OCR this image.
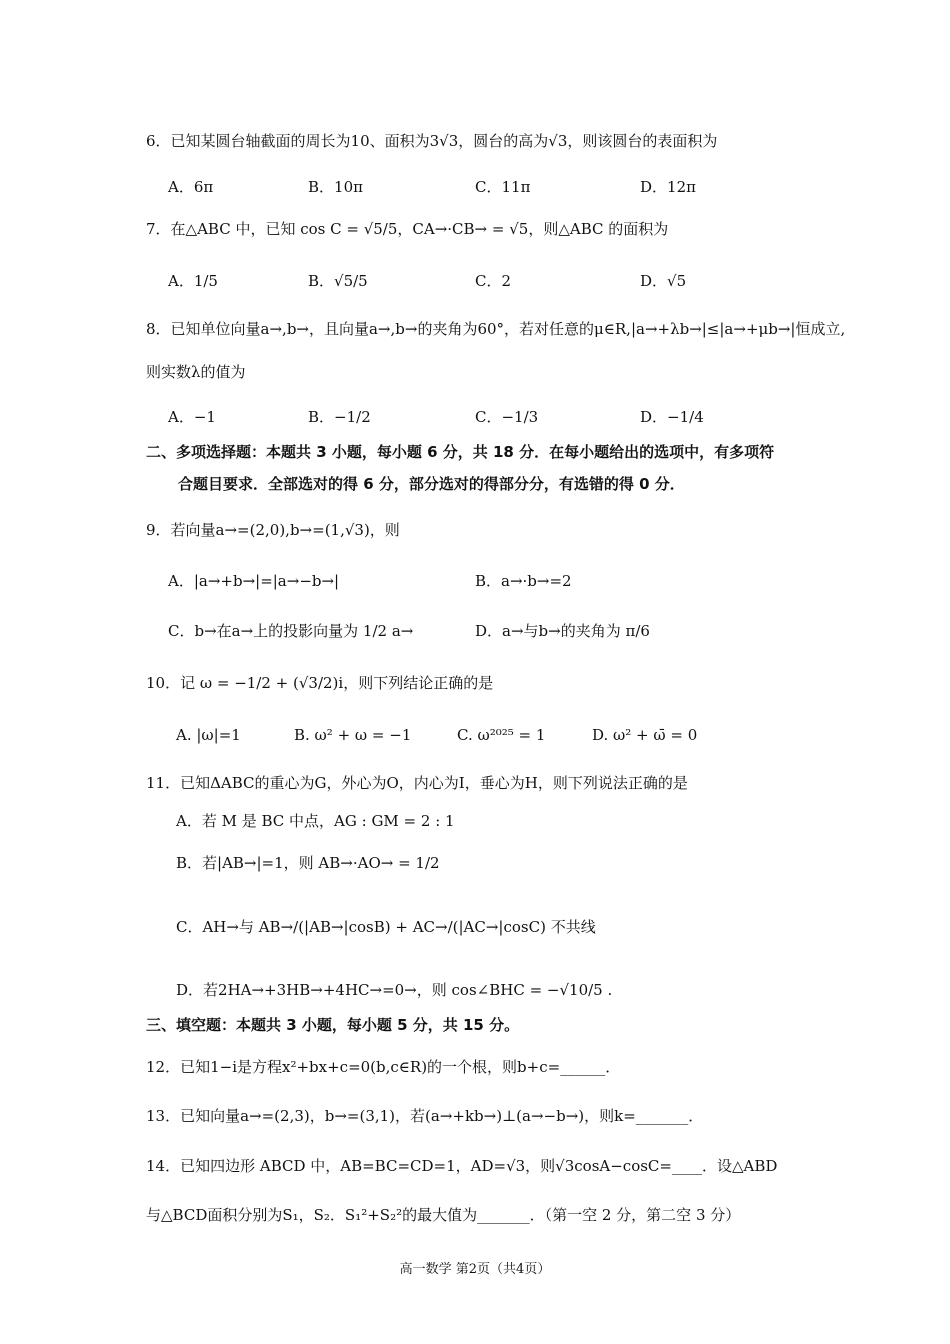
6．已知某圆台轴截面的周长为10、面积为3√3，圆台的高为√3，则该圆台的表面积为
A．6π	B．10π	C．11π	D．12π
7．在△ABC 中，已知 cos C = √5/5，CA→·CB→ = √5，则△ABC 的面积为
A．1/5	B．√5/5	C．2	D．√5
8．已知单位向量a→,b→，且向量a→,b→的夹角为60°，若对任意的μ∈R,|a→+λb→|≤|a→+μb→|恒成立,
则实数λ的值为
A．−1	B．−1/2	C．−1/3	D．−1/4
二、多项选择题：本题共 3 小题，每小题 6 分，共 18 分．在每小题给出的选项中，有多项符
合题目要求．全部选对的得 6 分，部分选对的得部分分，有选错的得 0 分．
9．若向量a→=(2,0),b→=(1,√3)，则
A．|a→+b→|=|a→−b→|	B．a→·b→=2
C．b→在a→上的投影向量为 1/2 a→	D．a→与b→的夹角为 π/6
10．记 ω = −1/2 + (√3/2)i，则下列结论正确的是
A. |ω|=1	B. ω² + ω = −1	C. ω²⁰²⁵ = 1	D. ω² + ω̄ = 0
11．已知ΔABC的重心为G，外心为O，内心为I，垂心为H，则下列说法正确的是
A．若 M 是 BC 中点，AG : GM = 2 : 1
B．若|AB→|=1，则 AB→·AO→ = 1/2
C．AH→与 AB→/(|AB→|cosB) + AC→/(|AC→|cosC) 不共线
D．若2HA→+3HB→+4HC→=0→，则 cos∠BHC = −√10/5 .
三、填空题：本题共 3 小题，每小题 5 分，共 15 分。
12．已知1−i是方程x²+bx+c=0(b,c∈R)的一个根，则b+c=______．
13．已知向量a→=(2,3)，b→=(3,1)，若(a→+kb→)⊥(a→−b→)，则k=_______．
14．已知四边形 ABCD 中，AB=BC=CD=1，AD=√3，则√3cosA−cosC=____．设△ABD
与△BCD面积分别为S₁，S₂．S₁²+S₂²的最大值为_______．（第一空 2 分，第二空 3 分）
高一数学 第2页（共4页）
